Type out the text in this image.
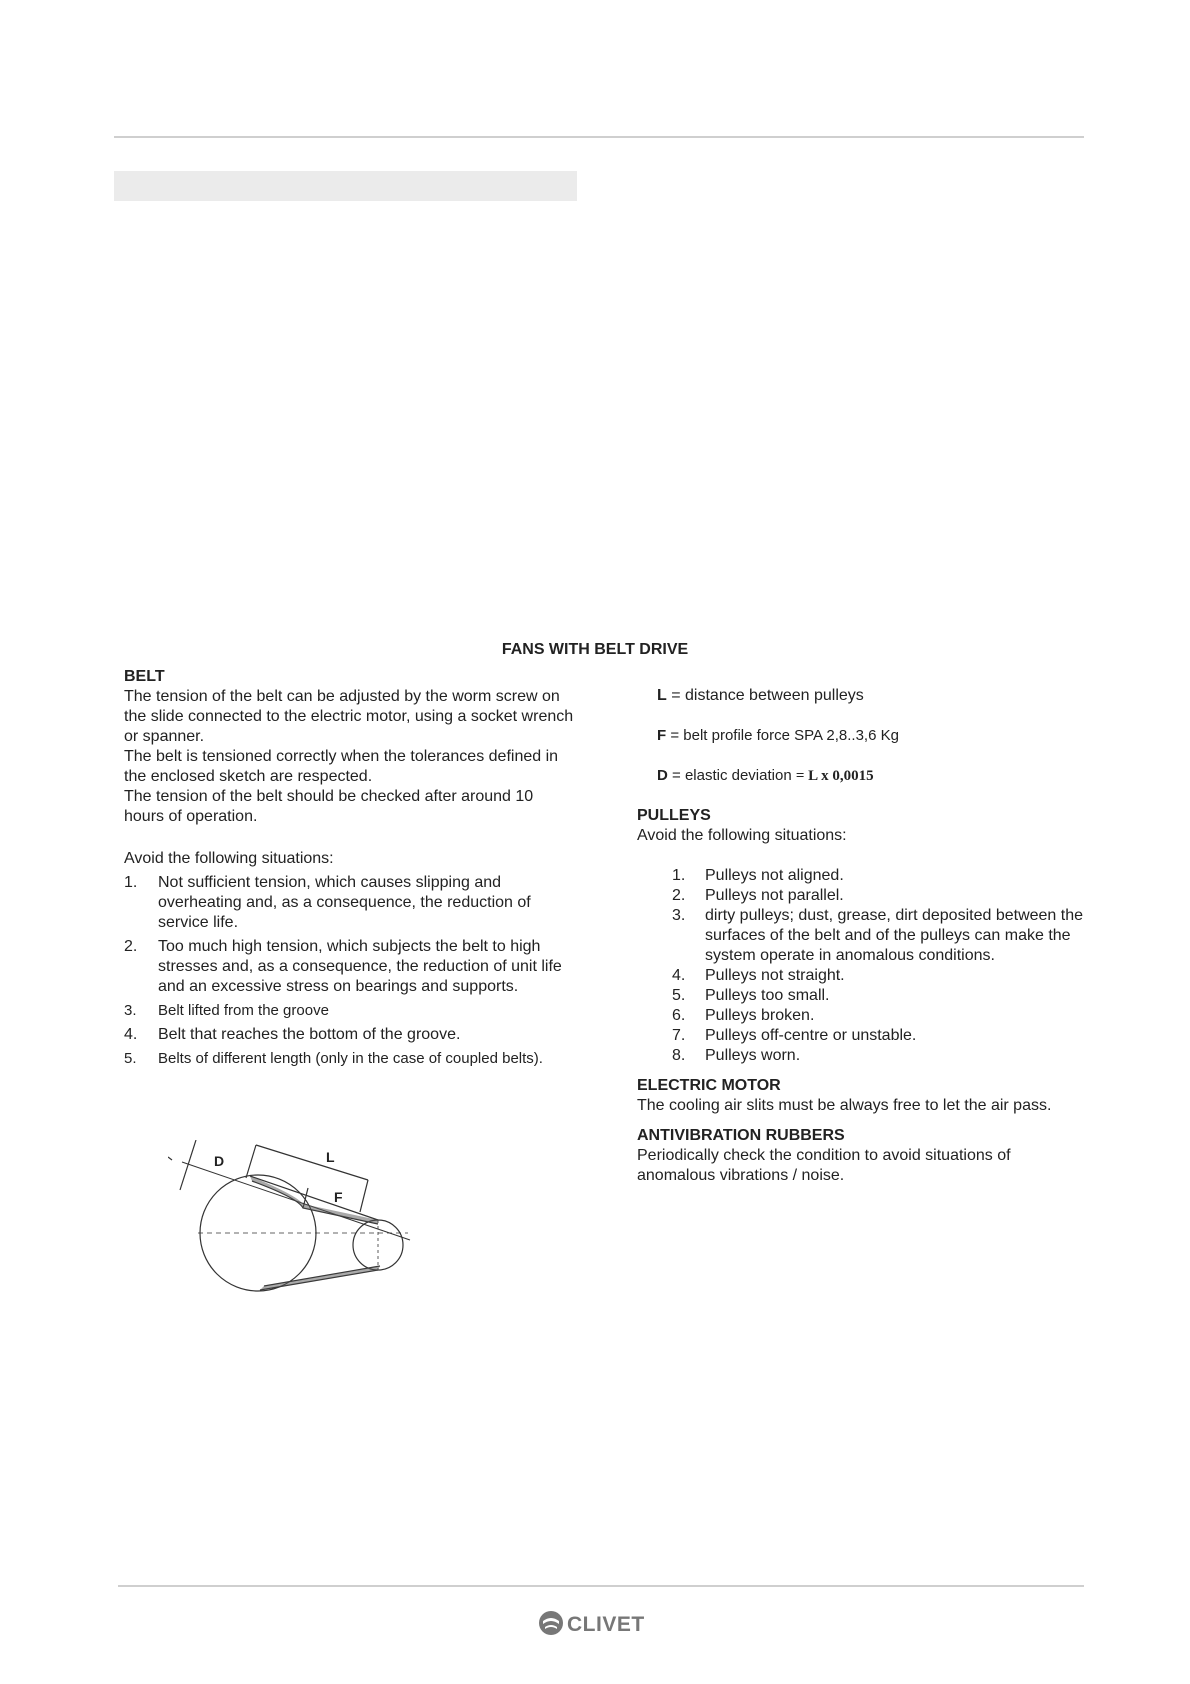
FANS WITH BELT DRIVE
BELT

The tension of the belt can be adjusted by the worm screw on the slide connected to the electric motor, using a socket wrench or spanner.

The belt is tensioned correctly when the tolerances defined in the enclosed sketch are respected.

The tension of the belt should be checked after around 10 hours of operation.

Avoid the following situations:

1. Not sufficient tension, which causes slipping and overheating and, as a consequence, the reduction of service life.
2. Too much high tension, which subjects the belt to high stresses and, as a consequence, the reduction of unit life and an excessive stress on bearings and supports.
3. Belt lifted from the groove
4. Belt that reaches the bottom of the groove.
5. Belts of different length (only in the case of coupled belts).

L = distance between pulleys

F = belt profile force SPA 2,8..3,6 Kg

D = elastic deviation = L x 0,0015

PULLEYS

Avoid the following situations:

1. Pulleys not aligned.
2. Pulleys not parallel.
3. dirty pulleys; dust, grease, dirt deposited between the surfaces of the belt and of the pulleys can make the system operate in anomalous conditions.
4. Pulleys not straight.
5. Pulleys too small.
6. Pulleys broken.
7. Pulleys off-centre or unstable.
8. Pulleys worn.
ELECTRIC MOTOR

The cooling air slits must be always free to let the air pass.

ANTIVIBRATION RUBBERS

Periodically check the condition to avoid situations of anomalous vibrations / noise.

D	L
F
CLIVET
